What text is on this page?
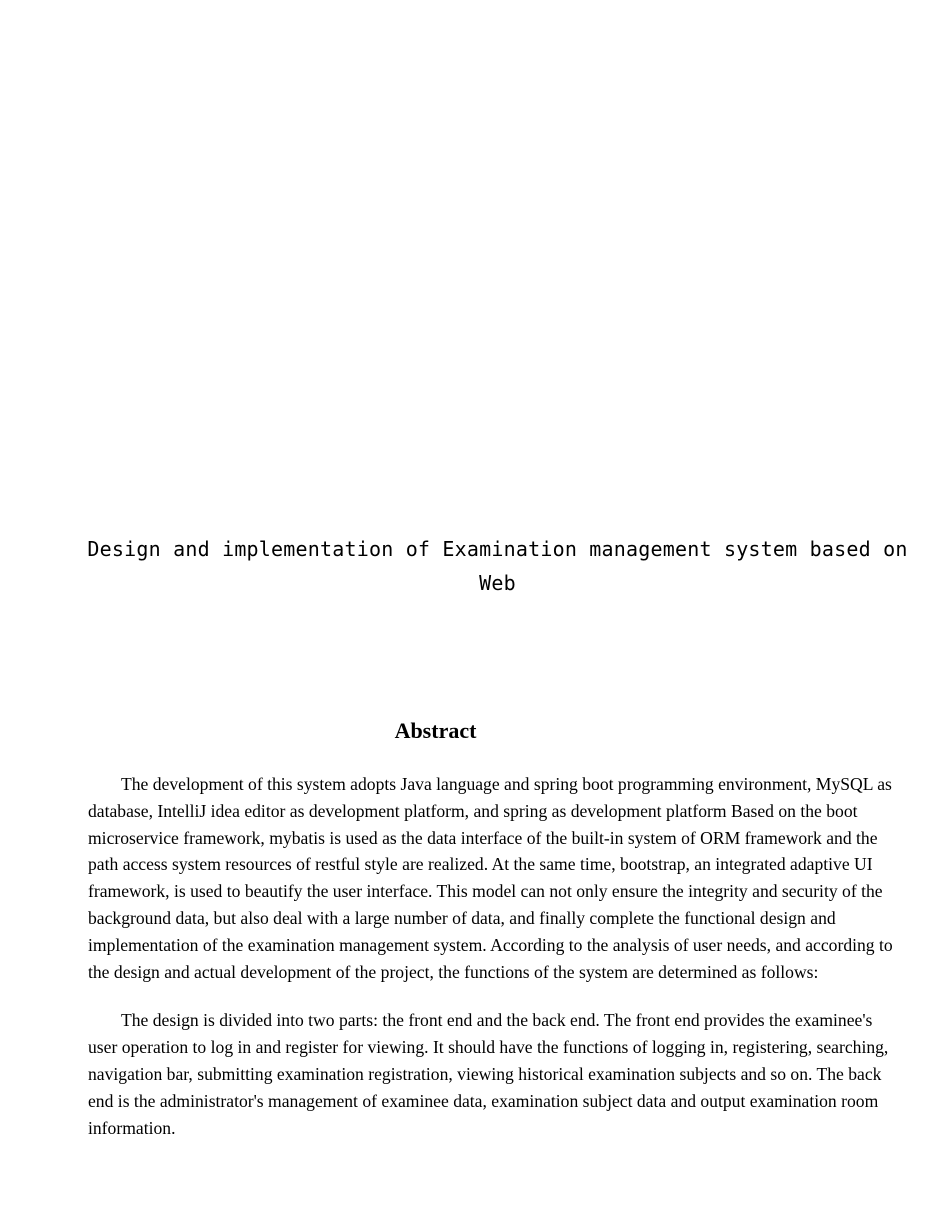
Design and implementation of Examination management system based on Web
Abstract

The development of this system adopts Java language and spring boot programming environment, MySQL as database, IntelliJ idea editor as development platform, and spring as development platform Based on the boot microservice framework, mybatis is used as the data interface of the built-in system of ORM framework and the path access system resources of restful style are realized. At the same time, bootstrap, an integrated adaptive UI framework, is used to beautify the user interface. This model can not only ensure the integrity and security of the background data, but also deal with a large number of data, and finally complete the functional design and implementation of the examination management system. According to the analysis of user needs, and according to the design and actual development of the project, the functions of the system are determined as follows:

The design is divided into two parts: the front end and the back end. The front end provides the examinee's user operation to log in and register for viewing. It should have the functions of logging in, registering, searching, navigation bar, submitting examination registration, viewing historical examination subjects and so on. The back end is the administrator's management of examinee data, examination subject data and output examination room information.
